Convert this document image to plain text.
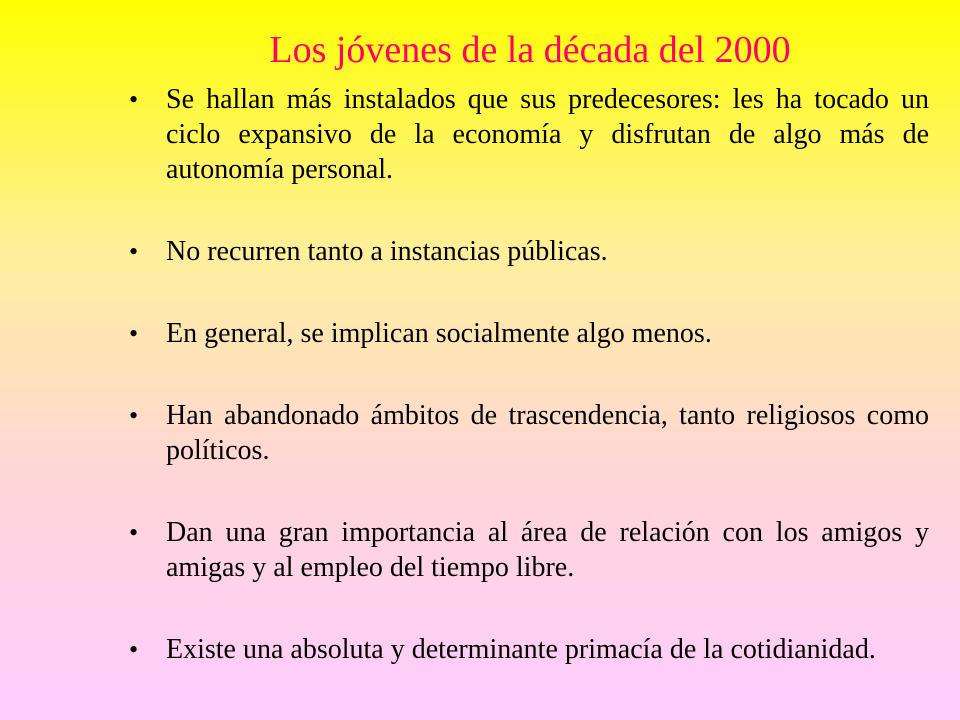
Los jóvenes de la década del 2000
• Se hallan más instalados que sus predecesores: les ha tocado un ciclo expansivo de la economía y disfrutan de algo más de autonomía personal.
• No recurren tanto a instancias públicas.
• En general, se implican socialmente algo menos.
• Han abandonado ámbitos de trascendencia, tanto religiosos como políticos.
• Dan una gran importancia al área de relación con los amigos y amigas y al empleo del tiempo libre.
• Existe una absoluta y determinante primacía de la cotidianidad.
